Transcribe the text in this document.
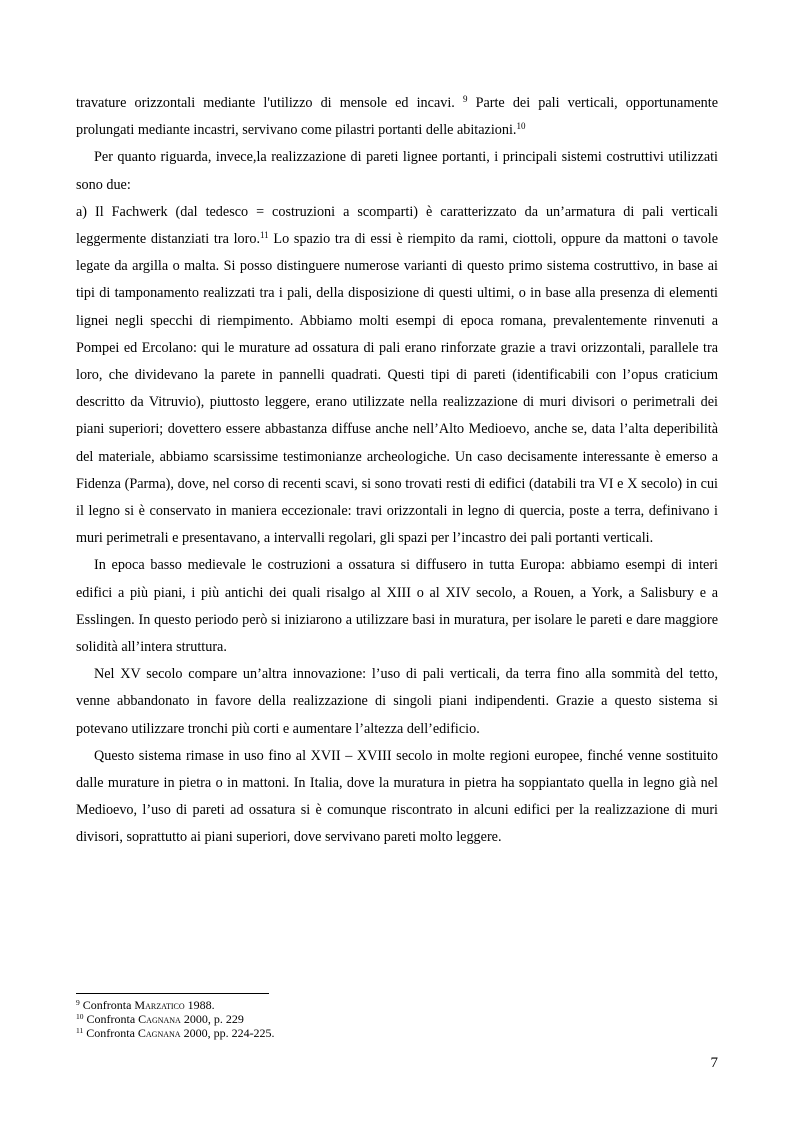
travature orizzontali mediante l'utilizzo di mensole ed incavi. $^9$ Parte dei pali verticali, opportunamente prolungati mediante incastri, servivano come pilastri portanti delle abitazioni.$^{10}$

Per quanto riguarda, invece,la realizzazione di pareti lignee portanti, i principali sistemi costruttivi utilizzati sono due:

a) Il Fachwerk (dal tedesco = costruzioni a scomparti) è caratterizzato da un’armatura di pali verticali leggermente distanziati tra loro.$^{11}$ Lo spazio tra di essi è riempito da rami, ciottoli, oppure da mattoni o tavole legate da argilla o malta. Si posso distinguere numerose varianti di questo primo sistema costruttivo, in base ai tipi di tamponamento realizzati tra i pali, della disposizione di questi ultimi, o in base alla presenza di elementi lignei negli specchi di riempimento. Abbiamo molti esempi di epoca romana, prevalentemente rinvenuti a Pompei ed Ercolano: qui le murature ad ossatura di pali erano rinforzate grazie a travi orizzontali, parallele tra loro, che dividevano la parete in pannelli quadrati. Questi tipi di pareti (identificabili con l’opus craticium descritto da Vitruvio), piuttosto leggere, erano utilizzate nella realizzazione di muri divisori o perimetrali dei piani superiori; dovettero essere abbastanza diffuse anche nell’Alto Medioevo, anche se, data l’alta deperibilità del materiale, abbiamo scarsissime testimonianze archeologiche. Un caso decisamente interessante è emerso a Fidenza (Parma), dove, nel corso di recenti scavi, si sono trovati resti di edifici (databili tra VI e X secolo) in cui il legno si è conservato in maniera eccezionale: travi orizzontali in legno di quercia, poste a terra, definivano i muri perimetrali e presentavano, a intervalli regolari, gli spazi per l’incastro dei pali portanti verticali.

In epoca basso medievale le costruzioni a ossatura si diffusero in tutta Europa: abbiamo esempi di interi edifici a più piani, i più antichi dei quali risalgo al XIII o al XIV secolo, a Rouen, a York, a Salisbury e a Esslingen. In questo periodo però si iniziarono a utilizzare basi in muratura, per isolare le pareti e dare maggiore solidità all’intera struttura.

Nel XV secolo compare un’altra innovazione: l’uso di pali verticali, da terra fino alla sommità del tetto, venne abbandonato in favore della realizzazione di singoli piani indipendenti. Grazie a questo sistema si potevano utilizzare tronchi più corti e aumentare l’altezza dell’edificio.

Questo sistema rimase in uso fino al XVII – XVIII secolo in molte regioni europee, finché venne sostituito dalle murature in pietra o in mattoni. In Italia, dove la muratura in pietra ha soppiantato quella in legno già nel Medioevo, l’uso di pareti ad ossatura si è comunque riscontrato in alcuni edifici per la realizzazione di muri divisori, soprattutto ai piani superiori, dove servivano pareti molto leggere.

$^9$ Confronta Marzatico 1988.

$^{10}$ Confronta Cagnana 2000, p. 229

$^{11}$ Confronta Cagnana 2000, pp. 224-225.

7
